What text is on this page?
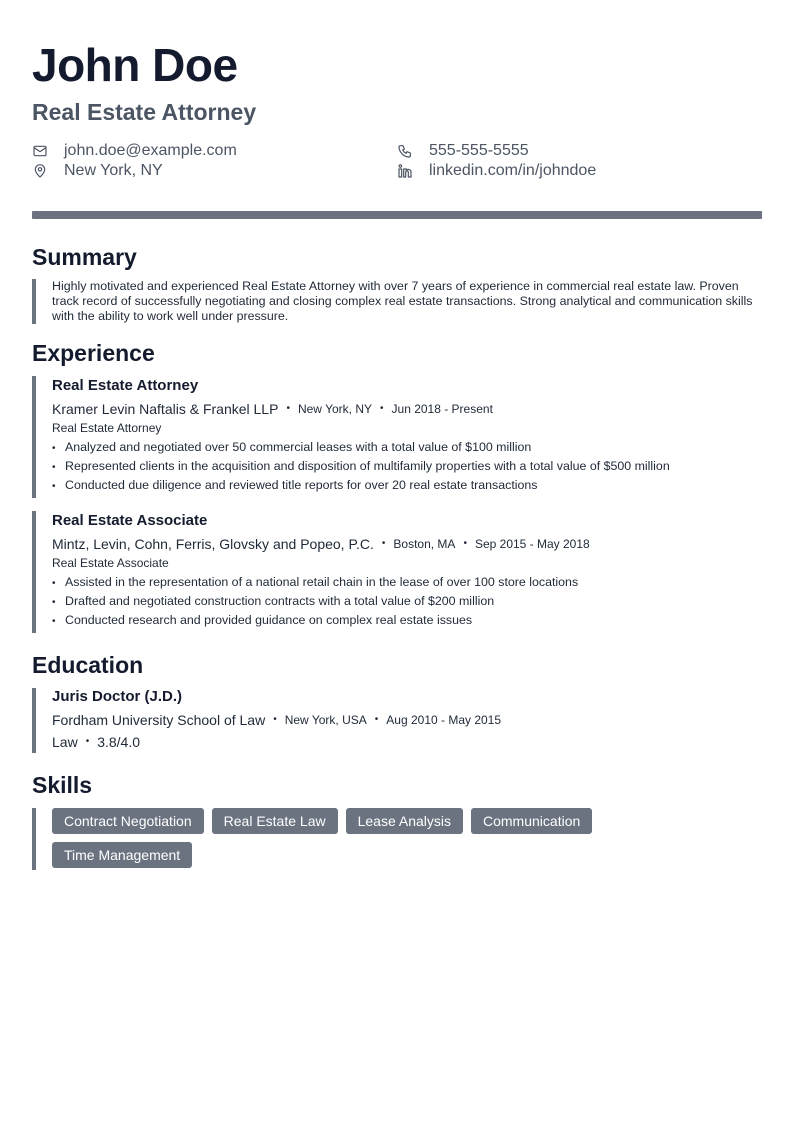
John Doe
Real Estate Attorney
john.doe@example.com	555-555-5555
New York, NY	linkedin.com/in/johndoe
Summary

Highly motivated and experienced Real Estate Attorney with over 7 years of experience in commercial real estate law. Proven track record of successfully negotiating and closing complex real estate transactions. Strong analytical and communication skills with the ability to work well under pressure.

Experience
Real Estate Attorney
Kramer Levin Naftalis & Frankel LLP • New York, NY • Jun 2018 - Present
Real Estate Attorney
• Analyzed and negotiated over 50 commercial leases with a total value of $100 million
• Represented clients in the acquisition and disposition of multifamily properties with a total value of $500 million
• Conducted due diligence and reviewed title reports for over 20 real estate transactions
Real Estate Associate
Mintz, Levin, Cohn, Ferris, Glovsky and Popeo, P.C. • Boston, MA • Sep 2015 - May 2018
Real Estate Associate
• Assisted in the representation of a national retail chain in the lease of over 100 store locations
• Drafted and negotiated construction contracts with a total value of $200 million
• Conducted research and provided guidance on complex real estate issues
Education
Juris Doctor (J.D.)
Fordham University School of Law • New York, USA • Aug 2010 - May 2015
Law • 3.8/4.0
Skills
Contract Negotiation	Real Estate Law	Lease Analysis	Communication
Time Management
